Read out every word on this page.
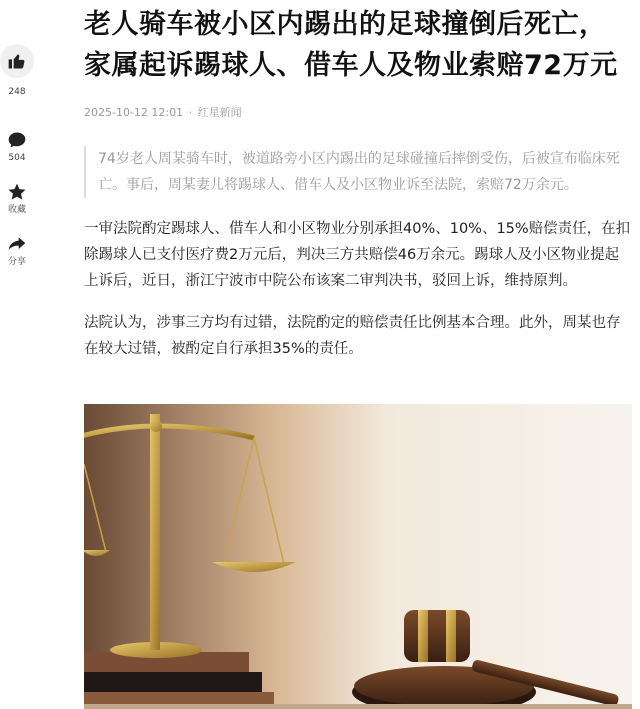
248
504
收藏
分享
老人骑车被小区内踢出的足球撞倒后死亡，家属起诉踢球人、借车人及物业索赔72万元
2025-10-12 12:01 · 红星新闻
74岁老人周某骑车时，被道路旁小区内踢出的足球碰撞后摔倒受伤，后被宣布临床死亡。事后，周某妻儿将踢球人、借车人及小区物业诉至法院，索赔72万余元。

一审法院酌定踢球人、借车人和小区物业分别承担40%、10%、15%赔偿责任，在扣除踢球人已支付医疗费2万元后，判决三方共赔偿46万余元。踢球人及小区物业提起上诉后，近日，浙江宁波市中院公布该案二审判决书，驳回上诉，维持原判。

法院认为，涉事三方均有过错，法院酌定的赔偿责任比例基本合理。此外，周某也存在较大过错，被酌定自行承担35%的责任。
